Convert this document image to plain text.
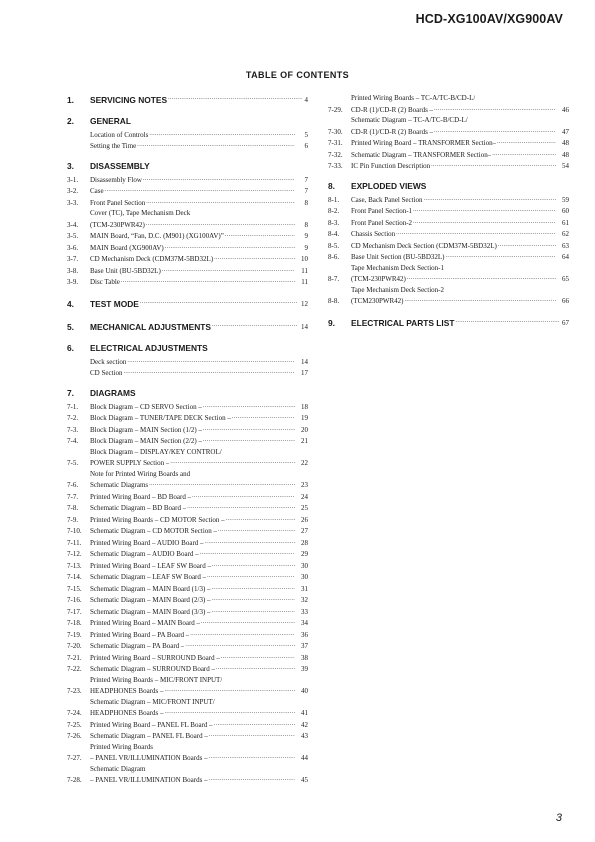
HCD-XG100AV/XG900AV
TABLE OF CONTENTS
1.	SERVICING NOTES .....	4
2.	GENERAL
Location of Controls .....	5
Setting the Time .....	6
3.	DISASSEMBLY
3-1.	Disassembly Flow .....	7
3-2.	Case .....	7
3-3.	Front Panel Section .....	8
3-4.
Cover (TC), Tape Mechanism Deck
(TCM-230PWR42) .....	8
3-5.	MAIN Board, “Fan, D.C. (M901) (XG100AV)” .....	9
3-6.	MAIN Board (XG900AV) .....	9
3-7.	CD Mechanism Deck (CDM37M-5BD32L) .....	10
3-8.	Base Unit (BU-5BD32L) .....	11
3-9.	Disc Table .....	11
4.	TEST MODE .....	12
5.	MECHANICAL ADJUSTMENTS .....	14
6.	ELECTRICAL ADJUSTMENTS
Deck section .....	14
CD Section .....	17
7.	DIAGRAMS
7-1.	Block Diagram – CD SERVO Section – .....	18
7-2.	Block Diagram – TUNER/TAPE DECK Section – .....	19
7-3.	Block Diagram – MAIN Section (1/2) – .....	20
7-4.	Block Diagram – MAIN Section (2/2) – .....	21
7-5.
Block Diagram – DISPLAY/KEY CONTROL/
POWER SUPPLY Section – .....	22
7-6.
Note for Printed Wiring Boards and
Schematic Diagrams .....	23
7-7.	Printed Wiring Board – BD Board – .....	24
7-8.	Schematic Diagram – BD Board – .....	25
7-9.	Printed Wiring Boards – CD MOTOR Section – .....	26
7-10.	Schematic Diagram – CD MOTOR Section – .....	27
7-11.	Printed Wiring Board – AUDIO Board – .....	28
7-12.	Schematic Diagram – AUDIO Board – .....	29
7-13.	Printed Wiring Board – LEAF SW Board – .....	30
7-14.	Schematic Diagram – LEAF SW Board – .....	30
7-15.	Schematic Diagram – MAIN Board (1/3) – .....	31
7-16.	Schematic Diagram – MAIN Board (2/3) – .....	32
7-17.	Schematic Diagram – MAIN Board (3/3) – .....	33
7-18.	Printed Wiring Board – MAIN Board – .....	34
7-19.	Printed Wiring Board – PA Board – .....	36
7-20.	Schematic Diagram – PA Board – .....	37
7-21.	Printed Wiring Board – SURROUND Board – .....	38
7-22.	Schematic Diagram – SURROUND Board – .....	39
7-23.
Printed Wiring Boards – MIC/FRONT INPUT/
HEADPHONES Boards – .....	40
7-24.
Schematic Diagram – MIC/FRONT INPUT/
HEADPHONES Boards – .....	41
7-25.	Printed Wiring Board – PANEL FL Board – .....	42
7-26.	Schematic Diagram – PANEL FL Board – .....	43
7-27.
Printed Wiring Boards
– PANEL VR/ILLUMINATION Boards – .....	44
7-28.
Schematic Diagram
– PANEL VR/ILLUMINATION Boards – .....	45
7-29.
Printed Wiring Boards – TC-A/TC-B/CD-L/
CD-R (1)/CD-R (2) Boards – .....	46
7-30.
Schematic Diagram – TC-A/TC-B/CD-L/
CD-R (1)/CD-R (2) Boards – .....	47
7-31.	Printed Wiring Board – TRANSFORMER Section– .....	48
7-32.	Schematic Diagram – TRANSFORMER Section– .....	48
7-33.	IC Pin Function Description .....	54
8.	EXPLODED VIEWS
8-1.	Case, Back Panel Section .....	59
8-2.	Front Panel Section-1 .....	60
8-3.	Front Panel Section-2 .....	61
8-4.	Chassis Section .....	62
8-5.	CD Mechanism Deck Section (CDM37M-5BD32L) .....	63
8-6.	Base Unit Section (BU-5BD32L) .....	64
8-7.
Tape Mechanism Deck Section-1
(TCM-230PWR42) .....	65
8-8.
Tape Mechanism Deck Section-2
(TCM230PWR42) .....	66
9.	ELECTRICAL PARTS LIST .....	67
3
